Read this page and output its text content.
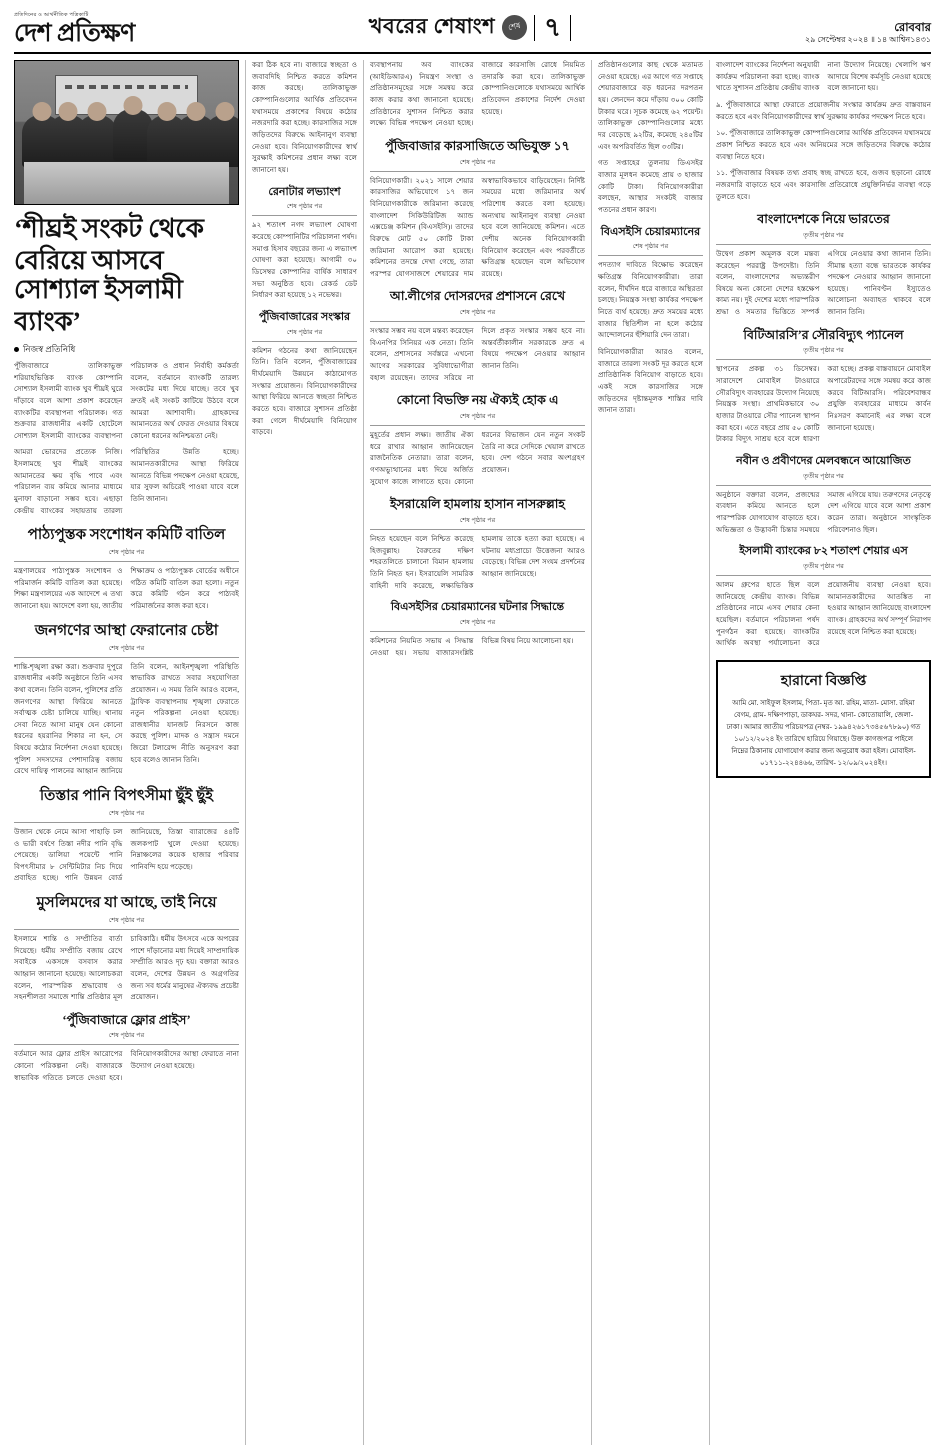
প্রতিদিনের ও আর্থনীতিক পত্রিকাটি
দেশ প্রতিক্ষণ	খবরের শেষাংশ	শেষ ৭	রোববার
২৯ সেপ্টেম্বর ২০২৪ ॥ ১৪ আশ্বিন১৪৩১
‘শীঘ্রই সংকট থেকে বেরিয়ে আসবে
সোশ্যাল ইসলামী ব্যাংক’
নিজস্ব প্রতিনিধি
পুঁজিবাজারে তালিকাভুক্ত শরিয়াহভিত্তিক ব্যাংক কোম্পানি সোশ্যাল ইসলামী ব্যাংক খুব শীঘ্রই ঘুরে দাঁড়াবে বলে আশা প্রকাশ করেছেন ব্যাংকটির ব্যবস্থাপনা পরিচালক। গত শুক্রবার রাজধানীর একটি হোটেলে সোশ্যাল ইসলামী ব্যাংকের ব্যবস্থাপনা পরিচালক ও প্রধান নির্বাহী কর্মকর্তা বলেন, বর্তমানে ব্যাংকটি তারল্য সংকটের মধ্য দিয়ে যাচ্ছে। তবে খুব দ্রুতই এই সংকট কাটিয়ে উঠবে বলে আমরা আশাবাদী। গ্রাহকদের আমানতের অর্থ ফেরত দেওয়ার বিষয়ে কোনো ধরনের অনিশ্চয়তা নেই।
আমরা ভোরদের প্রত্যেক নিজি। ইসলামছে খুব শীঘ্রই ব্যাংকের আমানতের ক্ষয় বৃদ্ধি পাবে এবং পরিচালন ব্যয় কমিয়ে আনার মাধ্যমে মুনাফা বাড়ানো সম্ভব হবে। এছাড়া কেন্দ্রীয় ব্যাংকের সহায়তায় তারল্য পরিস্থিতির উন্নতি হচ্ছে। আমানতকারীদের আস্থা ফিরিয়ে আনতে বিভিন্ন পদক্ষেপ নেওয়া হয়েছে, যার সুফল অচিরেই পাওয়া যাবে বলে তিনি জানান।
পাঠ্যপুস্তক সংশোধন কমিটি বাতিল
শেষ পৃষ্ঠার পর
মন্ত্রণালয়ের পাঠ্যপুস্তক সংশোধন ও পরিমার্জন কমিটি বাতিল করা হয়েছে। শিক্ষা মন্ত্রণালয়ের এক আদেশে এ তথ্য জানানো হয়। আদেশে বলা হয়, জাতীয় শিক্ষাক্রম ও পাঠ্যপুস্তক বোর্ডের অধীনে গঠিত কমিটি বাতিল করা হলো। নতুন করে কমিটি গঠন করে পাঠ্যবই পরিমার্জনের কাজ করা হবে।
জনগণের আস্থা ফেরানোর চেষ্টা
শেষ পৃষ্ঠার পর
শান্তি-শৃঙ্খলা রক্ষা করা। শুক্রবার দুপুরে রাজধানীর একটি অনুষ্ঠানে তিনি এসব কথা বলেন। তিনি বলেন, পুলিশের প্রতি জনগণের আস্থা ফিরিয়ে আনতে সর্বাত্মক চেষ্টা চালিয়ে যাচ্ছি। থানায় সেবা নিতে আসা মানুষ যেন কোনো ধরনের হয়রানির শিকার না হন, সে বিষয়ে কঠোর নির্দেশনা দেওয়া হয়েছে। পুলিশ সদস্যদের পেশাদারিত্ব বজায় রেখে দায়িত্ব পালনের আহ্বান জানিয়ে তিনি বলেন, আইনশৃঙ্খলা পরিস্থিতি স্বাভাবিক রাখতে সবার সহযোগিতা প্রয়োজন। এ সময় তিনি আরও বলেন, ট্রাফিক ব্যবস্থাপনায় শৃঙ্খলা ফেরাতে নতুন পরিকল্পনা নেওয়া হয়েছে। রাজধানীর যানজট নিরসনে কাজ করছে পুলিশ। মাদক ও সন্ত্রাস দমনে জিরো টলারেন্স নীতি অনুসরণ করা হবে বলেও জানান তিনি।
তিস্তার পানি বিপৎসীমা ছুঁই ছুঁই
শেষ পৃষ্ঠার পর
উজান থেকে নেমে আসা পাহাড়ি ঢল ও ভারী বর্ষণে তিস্তা নদীর পানি বৃদ্ধি পেয়েছে। ডালিয়া পয়েন্টে পানি বিপৎসীমার ৮ সেন্টিমিটার নিচ দিয়ে প্রবাহিত হচ্ছে। পানি উন্নয়ন বোর্ড জানিয়েছে, তিস্তা ব্যারাজের ৪৪টি জলকপাট খুলে দেওয়া হয়েছে। নিম্নাঞ্চলের কয়েক হাজার পরিবার পানিবন্দি হয়ে পড়েছে।
মুসলিমদের যা আছে, তাই নিয়ে
শেষ পৃষ্ঠার পর
ইসলামে শান্তি ও সম্প্রীতির বার্তা দিয়েছে। ধর্মীয় সম্প্রীতি বজায় রেখে সবাইকে একসঙ্গে বসবাস করার আহ্বান জানানো হয়েছে। আলোচকরা বলেন, পারস্পরিক শ্রদ্ধাবোধ ও সহনশীলতা সমাজে শান্তি প্রতিষ্ঠার মূল চাবিকাঠি। ধর্মীয় উৎসবে একে অপরের পাশে দাঁড়ানোর মধ্য দিয়েই সাম্প্রদায়িক সম্প্রীতি আরও দৃঢ় হয়। বক্তারা আরও বলেন, দেশের উন্নয়ন ও অগ্রগতির জন্য সব ধর্মের মানুষের ঐক্যবদ্ধ প্রচেষ্টা প্রয়োজন।
‘পুঁজিবাজারে ফ্লোর প্রাইস’
শেষ পৃষ্ঠার পর
বর্তমানে আর ফ্লোর প্রাইস আরোপের কোনো পরিকল্পনা নেই। বাজারকে স্বাভাবিক গতিতে চলতে দেওয়া হবে। বিনিয়োগকারীদের আস্থা ফেরাতে নানা উদ্যোগ নেওয়া হয়েছে।
করা ঠিক হবে না। বাজারে স্বচ্ছতা ও জবাবদিহি নিশ্চিত করতে কমিশন কাজ করছে। তালিকাভুক্ত কোম্পানিগুলোর আর্থিক প্রতিবেদন যথাসময়ে প্রকাশের বিষয়ে কঠোর নজরদারি করা হচ্ছে। কারসাজির সঙ্গে জড়িতদের বিরুদ্ধে আইনানুগ ব্যবস্থা নেওয়া হবে। বিনিয়োগকারীদের স্বার্থ সুরক্ষাই কমিশনের প্রধান লক্ষ্য বলে জানানো হয়।
রেনাটার লভ্যাংশ
শেষ পৃষ্ঠার পর
৯২ শতাংশ নগদ লভ্যাংশ ঘোষণা করেছে কোম্পানিটির পরিচালনা পর্ষদ। সমাপ্ত হিসাব বছরের জন্য এ লভ্যাংশ ঘোষণা করা হয়েছে। আগামী ৩০ ডিসেম্বর কোম্পানির বার্ষিক সাধারণ সভা অনুষ্ঠিত হবে। রেকর্ড ডেট নির্ধারণ করা হয়েছে ১২ নভেম্বর।
পুঁজিবাজারের সংস্কার
শেষ পৃষ্ঠার পর
কমিশন গঠনের কথা জানিয়েছেন তিনি। তিনি বলেন, পুঁজিবাজারের দীর্ঘমেয়াদি উন্নয়নে কাঠামোগত সংস্কার প্রয়োজন। বিনিয়োগকারীদের আস্থা ফিরিয়ে আনতে স্বচ্ছতা নিশ্চিত করতে হবে। বাজারে সুশাসন প্রতিষ্ঠা করা গেলে দীর্ঘমেয়াদি বিনিয়োগ বাড়বে।
ব্যবস্থাপনায় অব ব্যাংকের (আইডিআরএ) নিয়ন্ত্রণ সংস্থা ও প্রতিষ্ঠানসমূহের সঙ্গে সমন্বয় করে কাজ করার কথা জানানো হয়েছে। প্রতিষ্ঠানের সুশাসন নিশ্চিত করার লক্ষ্যে বিভিন্ন পদক্ষেপ নেওয়া হচ্ছে। বাজারে কারসাজি রোধে নিয়মিত তদারকি করা হবে। তালিকাভুক্ত কোম্পানিগুলোকে যথাসময়ে আর্থিক প্রতিবেদন প্রকাশের নির্দেশ দেওয়া হয়েছে।
পুঁজিবাজার কারসাজিতে অভিযুক্ত ১৭
শেষ পৃষ্ঠার পর
বিনিয়োগকারী। ২০২১ সালে শেয়ার কারসাজির অভিযোগে ১৭ জন বিনিয়োগকারীকে জরিমানা করেছে বাংলাদেশ সিকিউরিটিজ অ্যান্ড এক্সচেঞ্জ কমিশন (বিএসইসি)। তাদের বিরুদ্ধে মোট ৫০ কোটি টাকা জরিমানা আরোপ করা হয়েছে। কমিশনের তদন্তে দেখা গেছে, তারা পরস্পর যোগসাজশে শেয়ারের দাম অস্বাভাবিকভাবে বাড়িয়েছেন। নির্দিষ্ট সময়ের মধ্যে জরিমানার অর্থ পরিশোধ করতে বলা হয়েছে। অন্যথায় আইনানুগ ব্যবস্থা নেওয়া হবে বলে জানিয়েছে কমিশন। এতে দেশীয় অনেক বিনিয়োগকারী বিনিয়োগ করেছেন এবং পরবর্তীতে ক্ষতিগ্রস্ত হয়েছেন বলে অভিযোগ রয়েছে।
আ.লীগের দোসরদের প্রশাসনে রেখে
শেষ পৃষ্ঠার পর
সংস্কার সম্ভব নয় বলে মন্তব্য করেছেন বিএনপির সিনিয়র এক নেতা। তিনি বলেন, প্রশাসনের সর্বস্তরে এখনো আগের সরকারের সুবিধাভোগীরা বহাল রয়েছেন। তাদের সরিয়ে না দিলে প্রকৃত সংস্কার সম্ভব হবে না। অন্তর্বর্তীকালীন সরকারকে দ্রুত এ বিষয়ে পদক্ষেপ নেওয়ার আহ্বান জানান তিনি।
কোনো বিভক্তি নয় ঐক্যই হোক এ
শেষ পৃষ্ঠার পর
মুহূর্তের প্রধান লক্ষ্য। জাতীয় ঐক্য ধরে রাখার আহ্বান জানিয়েছেন রাজনৈতিক নেতারা। তারা বলেন, গণঅভ্যুত্থানের মধ্য দিয়ে অর্জিত সুযোগ কাজে লাগাতে হবে। কোনো ধরনের বিভাজন যেন নতুন সংকট তৈরি না করে সেদিকে খেয়াল রাখতে হবে। দেশ গঠনে সবার অংশগ্রহণ প্রয়োজন।
ইসরায়েলি হামলায় হাসান নাসরুল্লাহ
শেষ পৃষ্ঠার পর
নিহত হয়েছেন বলে নিশ্চিত করেছে হিজবুল্লাহ। বৈরুতের দক্ষিণ শহরতলিতে চালানো বিমান হামলায় তিনি নিহত হন। ইসরায়েলি সামরিক বাহিনী দাবি করেছে, লক্ষ্যভিত্তিক হামলায় তাকে হত্যা করা হয়েছে। এ ঘটনায় মধ্যপ্রাচ্যে উত্তেজনা আরও বেড়েছে। বিভিন্ন দেশ সংযম প্রদর্শনের আহ্বান জানিয়েছে।
বিএসইসির চেয়ারম্যানের ঘটনার সিদ্ধান্তে
শেষ পৃষ্ঠার পর
কমিশনের নিয়মিত সভায় এ সিদ্ধান্ত নেওয়া হয়। সভায় বাজারসংশ্লিষ্ট বিভিন্ন বিষয় নিয়ে আলোচনা হয়।
প্রতিষ্ঠানগুলোর কাছ থেকে মতামত নেওয়া হয়েছে। এর আগে গত সপ্তাহে শেয়ারবাজারে বড় ধরনের দরপতন হয়। লেনদেন কমে দাঁড়ায় ৩০০ কোটি টাকার ঘরে। সূচক কমেছে ৬২ পয়েন্ট। তালিকাভুক্ত কোম্পানিগুলোর মধ্যে দর বেড়েছে ৯২টির, কমেছে ২৪৫টির এবং অপরিবর্তিত ছিল ৩৩টির।
গত সপ্তাহের তুলনায় ডিএসইর বাজার মূলধন কমেছে প্রায় ৩ হাজার কোটি টাকা। বিনিয়োগকারীরা বলছেন, আস্থার সংকটই বাজার পতনের প্রধান কারণ।
বিএসইসি চেয়ারম্যানের
শেষ পৃষ্ঠার পর
পদত্যাগ দাবিতে বিক্ষোভ করেছেন ক্ষতিগ্রস্ত বিনিয়োগকারীরা। তারা বলেন, দীর্ঘদিন ধরে বাজারে অস্থিরতা চলছে। নিয়ন্ত্রক সংস্থা কার্যকর পদক্ষেপ নিতে ব্যর্থ হয়েছে। দ্রুত সময়ের মধ্যে বাজার স্থিতিশীল না হলে কঠোর আন্দোলনের হুঁশিয়ারি দেন তারা।
বিনিয়োগকারীরা আরও বলেন, বাজারে তারল্য সংকট দূর করতে হলে প্রাতিষ্ঠানিক বিনিয়োগ বাড়াতে হবে। একই সঙ্গে কারসাজির সঙ্গে জড়িতদের দৃষ্টান্তমূলক শাস্তির দাবি জানান তারা।
বাংলাদেশ ব্যাংকের নির্দেশনা অনুযায়ী কার্যক্রম পরিচালনা করা হচ্ছে। ব্যাংক খাতে সুশাসন প্রতিষ্ঠায় কেন্দ্রীয় ব্যাংক নানা উদ্যোগ নিয়েছে। খেলাপি ঋণ আদায়ে বিশেষ কর্মসূচি নেওয়া হয়েছে বলে জানানো হয়।
৯. পুঁজিবাজারে আস্থা ফেরাতে প্রয়োজনীয় সংস্কার কার্যক্রম দ্রুত বাস্তবায়ন করতে হবে এবং বিনিয়োগকারীদের স্বার্থ সুরক্ষায় কার্যকর পদক্ষেপ নিতে হবে।
১০. পুঁজিবাজারে তালিকাভুক্ত কোম্পানিগুলোর আর্থিক প্রতিবেদন যথাসময়ে প্রকাশ নিশ্চিত করতে হবে এবং অনিয়মের সঙ্গে জড়িতদের বিরুদ্ধে কঠোর ব্যবস্থা নিতে হবে।
১১. পুঁজিবাজার বিষয়ক তথ্য প্রবাহ স্বচ্ছ রাখতে হবে, গুজব ছড়ানো রোধে নজরদারি বাড়াতে হবে এবং কারসাজি প্রতিরোধে প্রযুক্তিনির্ভর ব্যবস্থা গড়ে তুলতে হবে।
বাংলাদেশকে নিয়ে ভারতের
তৃতীয় পৃষ্ঠার পর
উদ্বেগ প্রকাশ অমূলক বলে মন্তব্য করেছেন পররাষ্ট্র উপদেষ্টা। তিনি বলেন, বাংলাদেশের অভ্যন্তরীণ বিষয়ে অন্য কোনো দেশের হস্তক্ষেপ কাম্য নয়। দুই দেশের মধ্যে পারস্পরিক শ্রদ্ধা ও সমতার ভিত্তিতে সম্পর্ক এগিয়ে নেওয়ার কথা জানান তিনি। সীমান্ত হত্যা বন্ধে ভারতকে কার্যকর পদক্ষেপ নেওয়ার আহ্বান জানানো হয়েছে। পানিবণ্টন ইস্যুতেও আলোচনা অব্যাহত থাকবে বলে জানান তিনি।
বিটিআরসি’র সৌরবিদ্যুৎ প্যানেল
তৃতীয় পৃষ্ঠার পর
স্থাপনের প্রকল্প ৩১ ডিসেম্বর। সারাদেশে মোবাইল টাওয়ারে সৌরবিদ্যুৎ ব্যবহারের উদ্যোগ নিয়েছে নিয়ন্ত্রক সংস্থা। প্রাথমিকভাবে ৩০ হাজার টাওয়ারে সৌর প্যানেল স্থাপন করা হবে। এতে বছরে প্রায় ৫০ কোটি টাকার বিদ্যুৎ সাশ্রয় হবে বলে ধারণা করা হচ্ছে। প্রকল্প বাস্তবায়নে মোবাইল অপারেটরদের সঙ্গে সমন্বয় করে কাজ করবে বিটিআরসি। পরিবেশবান্ধব প্রযুক্তি ব্যবহারের মাধ্যমে কার্বন নিঃসরণ কমানোই এর লক্ষ্য বলে জানানো হয়েছে।
নবীন ও প্রবীণদের মেলবন্ধনে আয়োজিত
তৃতীয় পৃষ্ঠার পর
অনুষ্ঠানে বক্তারা বলেন, প্রজন্মের ব্যবধান কমিয়ে আনতে হলে পারস্পরিক যোগাযোগ বাড়াতে হবে। অভিজ্ঞতা ও উদ্ভাবনী চিন্তার সমন্বয়ে সমাজ এগিয়ে যায়। তরুণদের নেতৃত্বে দেশ এগিয়ে যাবে বলে আশা প্রকাশ করেন তারা। অনুষ্ঠানে সাংস্কৃতিক পরিবেশনাও ছিল।
ইসলামী ব্যাংকের ৮২ শতাংশ শেয়ার এস
তৃতীয় পৃষ্ঠার পর
আলম গ্রুপের হাতে ছিল বলে জানিয়েছে কেন্দ্রীয় ব্যাংক। বিভিন্ন প্রতিষ্ঠানের নামে এসব শেয়ার কেনা হয়েছিল। বর্তমানে পরিচালনা পর্ষদ পুনর্গঠন করা হয়েছে। ব্যাংকটির আর্থিক অবস্থা পর্যালোচনা করে প্রয়োজনীয় ব্যবস্থা নেওয়া হবে। আমানতকারীদের আতঙ্কিত না হওয়ার আহ্বান জানিয়েছে বাংলাদেশ ব্যাংক। গ্রাহকদের অর্থ সম্পূর্ণ নিরাপদ রয়েছে বলে নিশ্চিত করা হয়েছে।
হারানো বিজ্ঞপ্তি
আমি মো. সাইফুল ইসলাম, পিতা- মৃত আ. রহিম, মাতা- মোসা. রহিমা বেগম, গ্রাম- দক্ষিণপাড়া, ডাকঘর- সদর, থানা- কোতোয়ালি, জেলা- ঢাকা। আমার জাতীয় পরিচয়পত্র (নম্বর- ১৯৯৪২৬১৭৩৪৫৬৭৮৯০) গত ১০/১২/২০২৪ ইং তারিখে হারিয়ে গিয়াছে। উক্ত কাগজপত্র পাইলে নিম্নের ঠিকানায় যোগাযোগ করার জন্য অনুরোধ করা হইল। মোবাইল- ০১৭১১-২২৪৪৬৬, তারিখ- ১২/০৯/২০২৪ইং।
